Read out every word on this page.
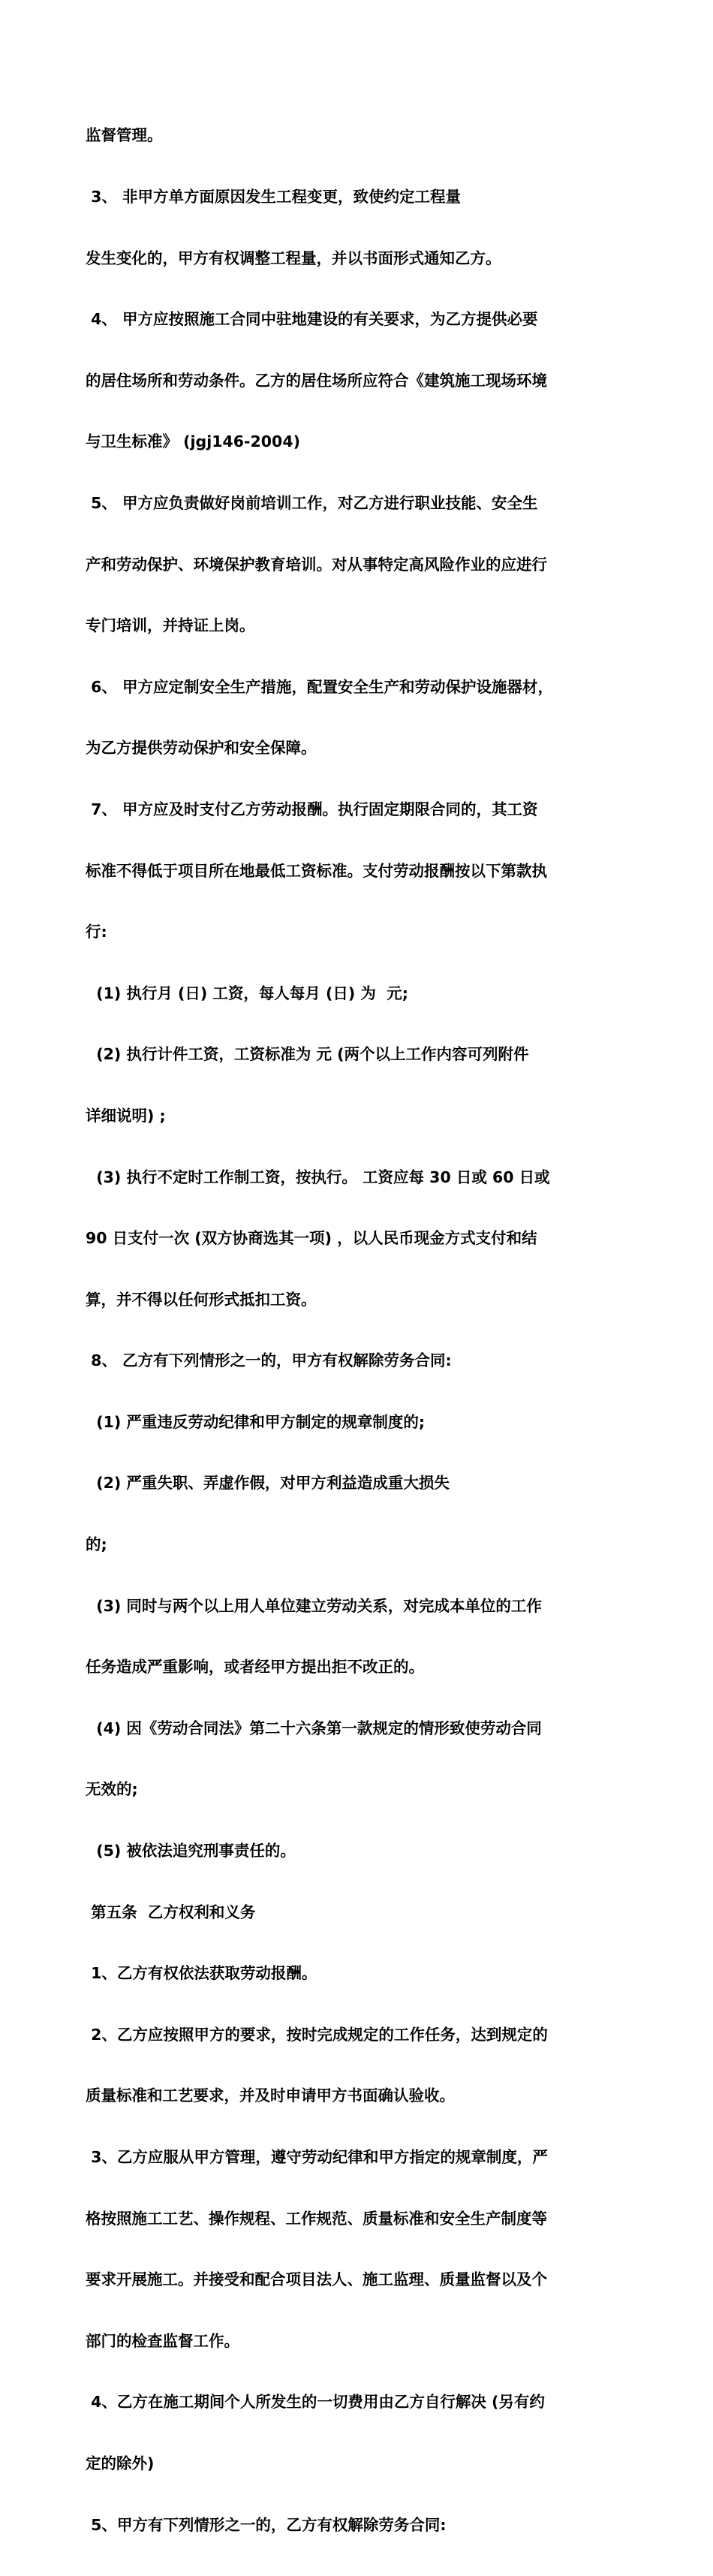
监督管理。

3、 非甲方单方面原因发生工程变更，致使约定工程量

发生变化的，甲方有权调整工程量，并以书面形式通知乙方。

4、 甲方应按照施工合同中驻地建设的有关要求，为乙方提供必要

的居住场所和劳动条件。乙方的居住场所应符合《建筑施工现场环境

与卫生标准》 (jgj146-2004)

5、 甲方应负责做好岗前培训工作，对乙方进行职业技能、安全生

产和劳动保护、环境保护教育培训。对从事特定高风险作业的应进行

专门培训，并持证上岗。

6、 甲方应定制安全生产措施，配置安全生产和劳动保护设施器材，

为乙方提供劳动保护和安全保障。

7、 甲方应及时支付乙方劳动报酬。执行固定期限合同的，其工资

标准不得低于项目所在地最低工资标准。支付劳动报酬按以下第款执

行:

(1) 执行月 (日) 工资，每人每月 (日) 为  元;

(2) 执行计件工资，工资标准为 元 (两个以上工作内容可列附件

详细说明) ;

(3) 执行不定时工作制工资，按执行。 工资应每 30 日或 60 日或

90 日支付一次 (双方协商选其一项) ，以人民币现金方式支付和结

算，并不得以任何形式抵扣工资。

8、 乙方有下列情形之一的，甲方有权解除劳务合同:

(1) 严重违反劳动纪律和甲方制定的规章制度的;

(2) 严重失职、弄虚作假，对甲方利益造成重大损失

的;

(3) 同时与两个以上用人单位建立劳动关系，对完成本单位的工作

任务造成严重影响，或者经甲方提出拒不改正的。

(4) 因《劳动合同法》第二十六条第一款规定的情形致使劳动合同

无效的;

(5) 被依法追究刑事责任的。

第五条  乙方权利和义务

1、乙方有权依法获取劳动报酬。

2、乙方应按照甲方的要求，按时完成规定的工作任务，达到规定的

质量标准和工艺要求，并及时申请甲方书面确认验收。

3、乙方应服从甲方管理，遵守劳动纪律和甲方指定的规章制度，严

格按照施工工艺、操作规程、工作规范、质量标准和安全生产制度等

要求开展施工。并接受和配合项目法人、施工监理、质量监督以及个

部门的检查监督工作。

4、乙方在施工期间个人所发生的一切费用由乙方自行解决 (另有约

定的除外)

5、甲方有下列情形之一的，乙方有权解除劳务合同:
